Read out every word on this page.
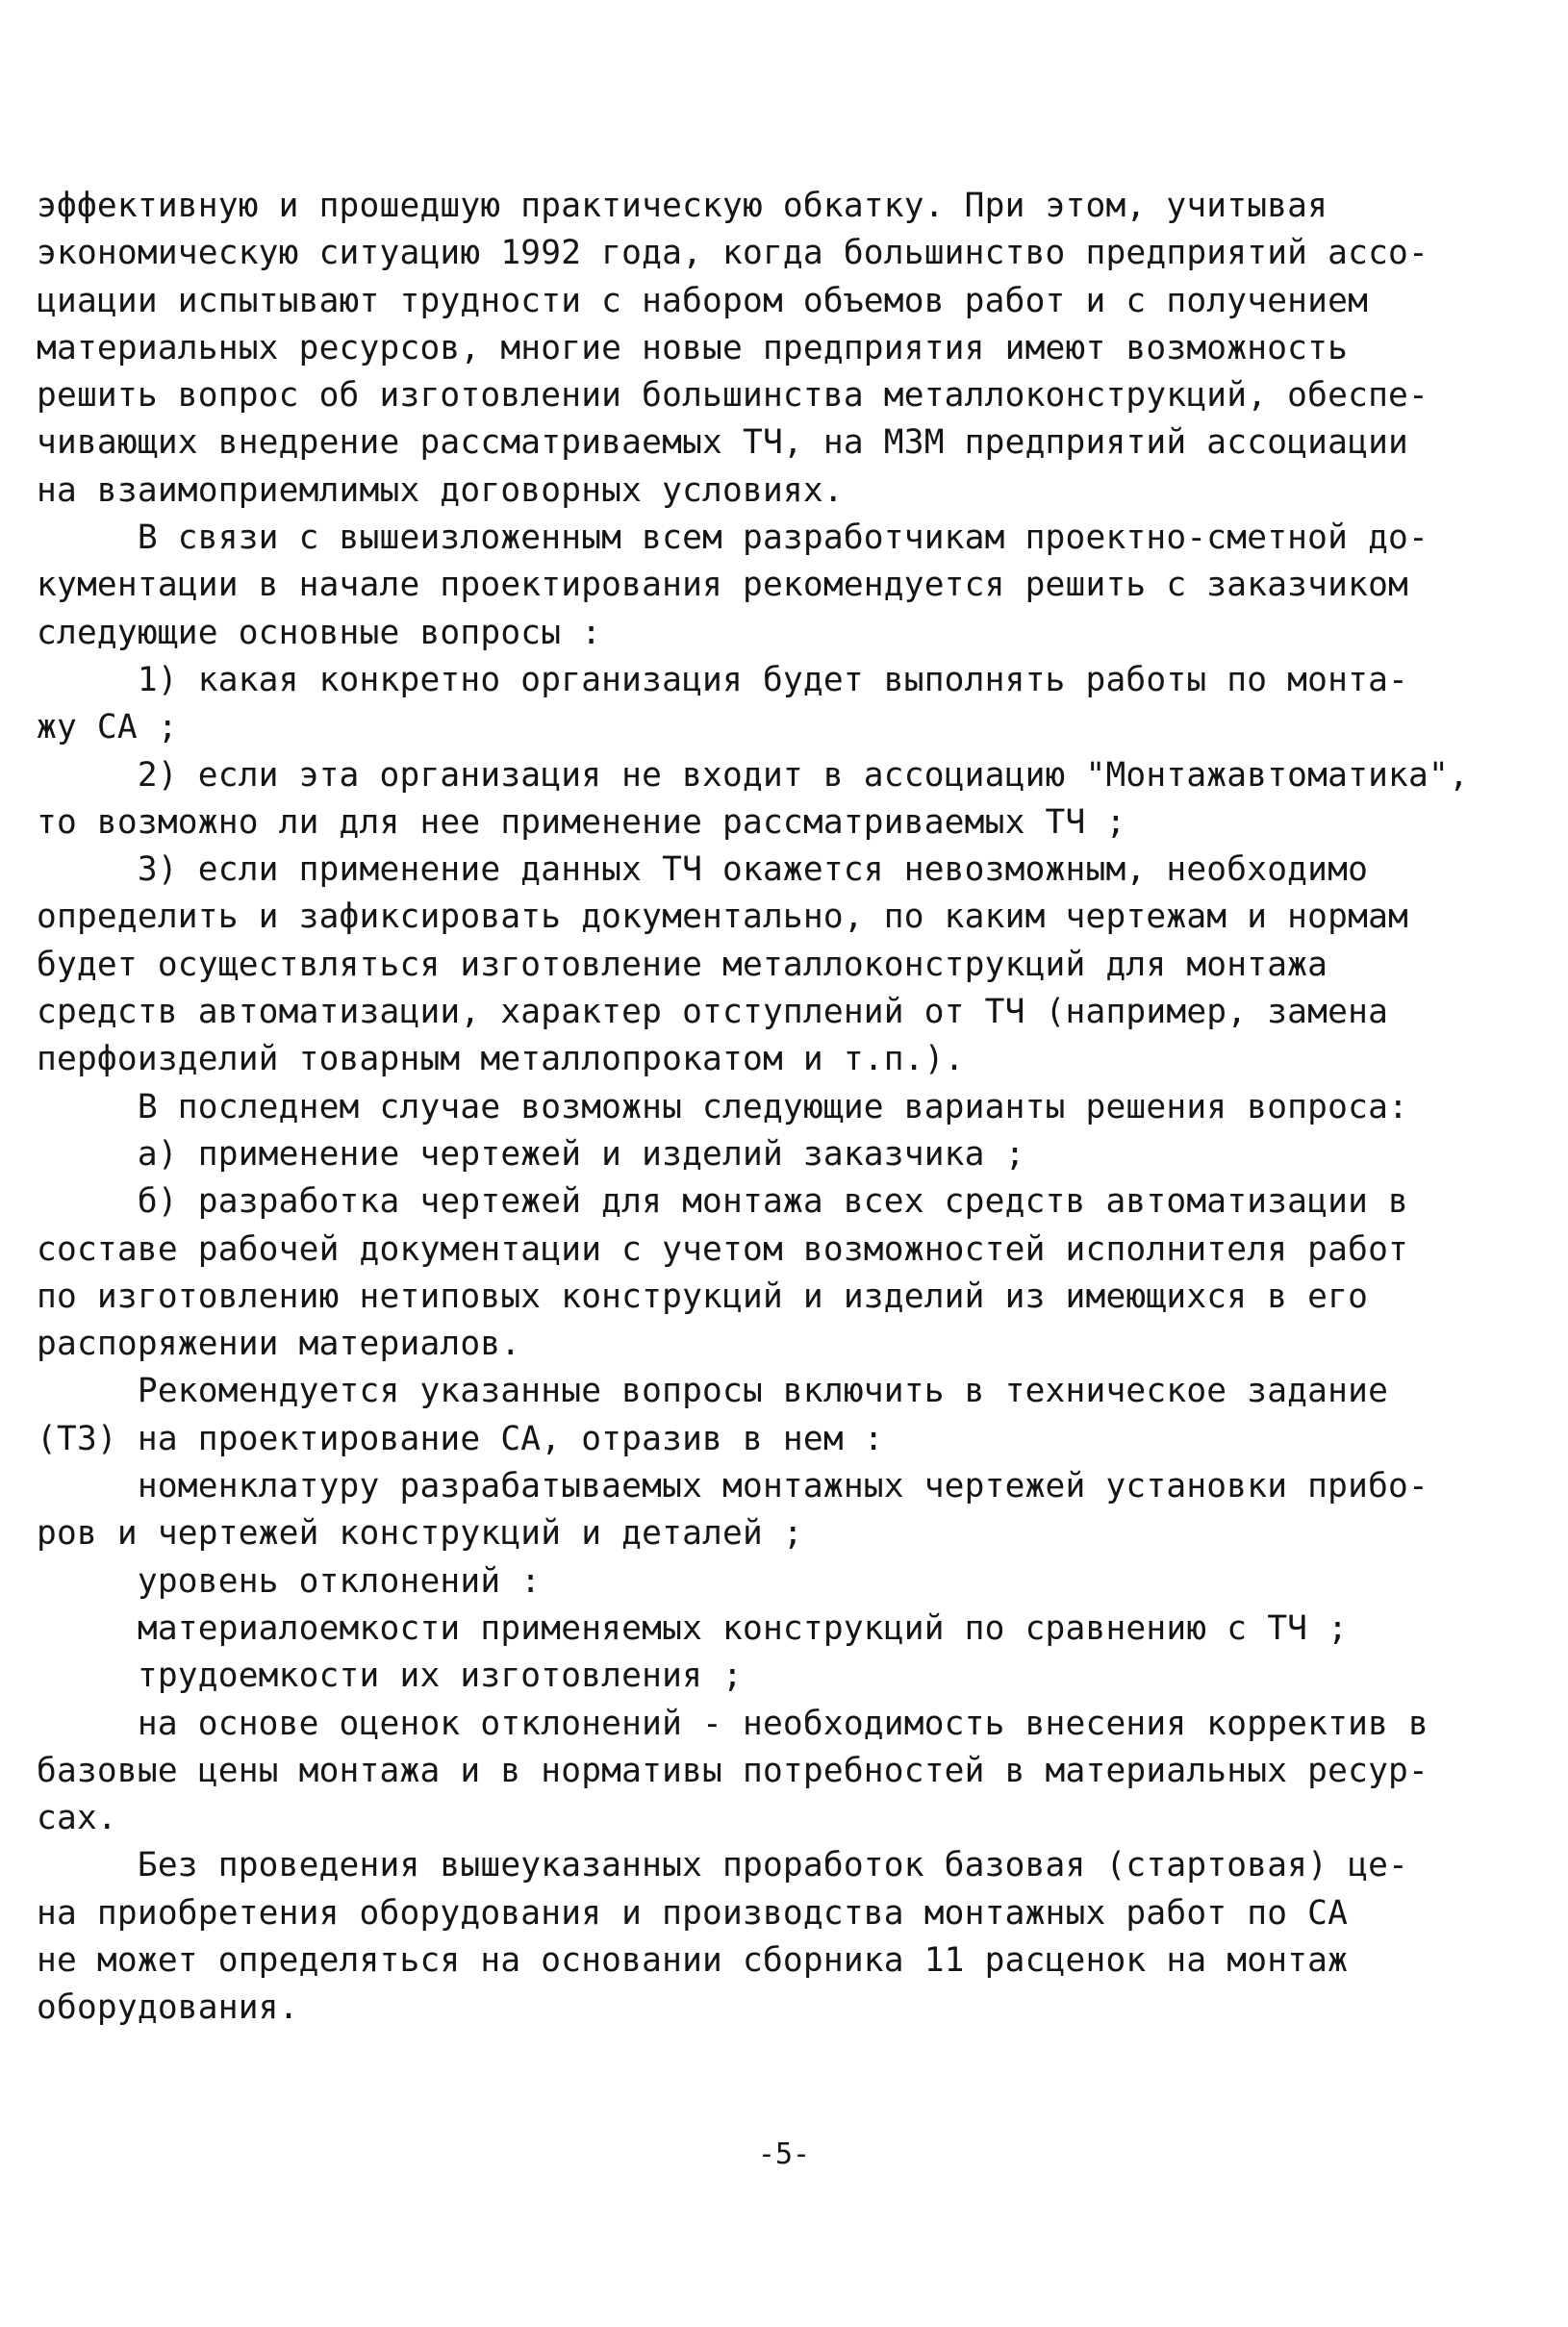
эффективную и прошедшую практическую обкатку. При этом, учитывая
экономическую ситуацию 1992 года, когда большинство предприятий ассо-
циации испытывают трудности с набором объемов работ и с получением
материальных ресурсов, многие новые предприятия имеют возможность
решить вопрос об изготовлении большинства металлоконструкций, обеспе-
чивающих внедрение рассматриваемых ТЧ, на МЗМ предприятий ассоциации
на взаимоприемлимых договорных условиях.
В связи с вышеизложенным всем разработчикам проектно-сметной до-
кументации в начале проектирования рекомендуется решить с заказчиком
следующие основные вопросы :
1) какая конкретно организация будет выполнять работы по монта-
жу СА ;
2) если эта организация не входит в ассоциацию "Монтажавтоматика",
то возможно ли для нее применение рассматриваемых ТЧ ;
3) если применение данных ТЧ окажется невозможным, необходимо
определить и зафиксировать документально, по каким чертежам и нормам
будет осуществляться изготовление металлоконструкций для монтажа
средств автоматизации, характер отступлений от ТЧ (например, замена
перфоизделий товарным металлопрокатом и т.п.).
В последнем случае возможны следующие варианты решения вопроса:
а) применение чертежей и изделий заказчика ;
б) разработка чертежей для монтажа всех средств автоматизации в
составе рабочей документации с учетом возможностей исполнителя работ
по изготовлению нетиповых конструкций и изделий из имеющихся в его
распоряжении материалов.
Рекомендуется указанные вопросы включить в техническое задание
(ТЗ) на проектирование СА, отразив в нем :
номенклатуру разрабатываемых монтажных чертежей установки прибо-
ров и чертежей конструкций и деталей ;
уровень отклонений :
материалоемкости применяемых конструкций по сравнению с ТЧ ;
трудоемкости их изготовления ;
на основе оценок отклонений - необходимость внесения корректив в
базовые цены монтажа и в нормативы потребностей в материальных ресур-
сах.
Без проведения вышеуказанных проработок базовая (стартовая) це-
на приобретения оборудования и производства монтажных работ по СА
не может определяться на основании сборника 11 расценок на монтаж
оборудования.
-5-
